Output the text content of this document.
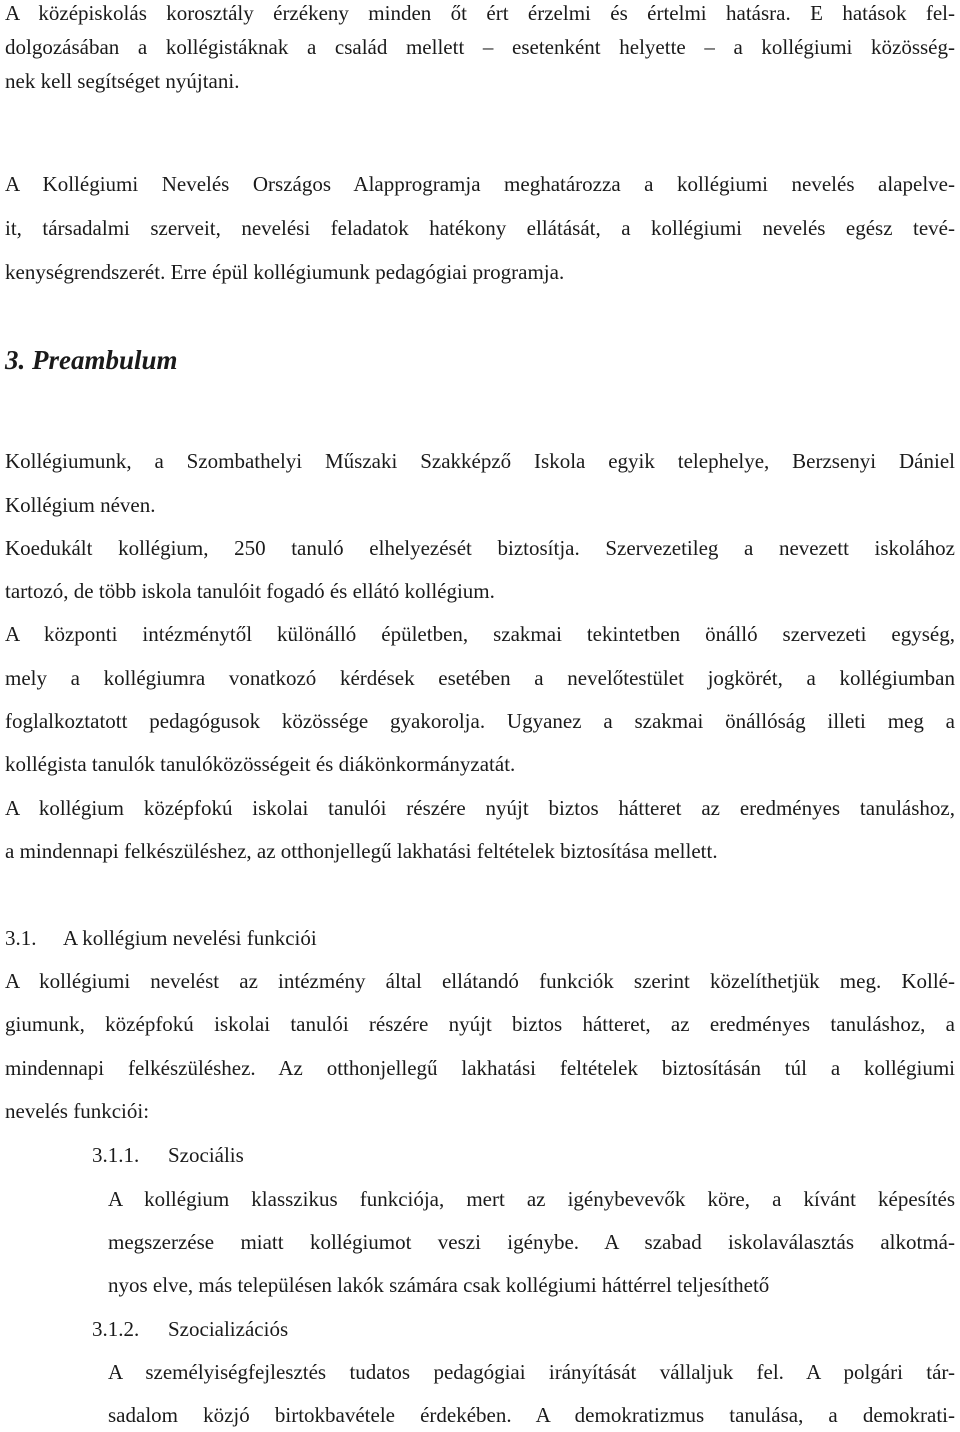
A középiskolás korosztály érzékeny minden őt ért érzelmi és értelmi hatásra. E hatások fel-
dolgozásában a kollégistáknak a család mellett – esetenként helyette – a kollégiumi közösség-
nek kell segítséget nyújtani.
A Kollégiumi Nevelés Országos Alapprogramja meghatározza a kollégiumi nevelés alapelve-
it, társadalmi szerveit, nevelési feladatok hatékony ellátását, a kollégiumi nevelés egész tevé-
kenységrendszerét. Erre épül kollégiumunk pedagógiai programja.
3. Preambulum
Kollégiumunk, a Szombathelyi Műszaki Szakképző Iskola egyik telephelye, Berzsenyi Dániel
Kollégium néven.
Koedukált kollégium, 250 tanuló elhelyezését biztosítja. Szervezetileg a nevezett iskolához
tartozó, de több iskola tanulóit fogadó és ellátó kollégium.
A központi intézménytől különálló épületben, szakmai tekintetben önálló szervezeti egység,
mely a kollégiumra vonatkozó kérdések esetében a nevelőtestület jogkörét, a kollégiumban
foglalkoztatott pedagógusok közössége gyakorolja. Ugyanez a szakmai önállóság illeti meg a
kollégista tanulók tanulóközösségeit és diákönkormányzatát.
A kollégium középfokú iskolai tanulói részére nyújt biztos hátteret az eredményes tanuláshoz,
a mindennapi felkészüléshez, az otthonjellegű lakhatási feltételek biztosítása mellett.
3.1. A kollégium nevelési funkciói
A kollégiumi nevelést az intézmény által ellátandó funkciók szerint közelíthetjük meg. Kollé-
giumunk, középfokú iskolai tanulói részére nyújt biztos hátteret, az eredményes tanuláshoz, a
mindennapi felkészüléshez. Az otthonjellegű lakhatási feltételek biztosításán túl a kollégiumi
nevelés funkciói:
3.1.1. Szociális
A kollégium klasszikus funkciója, mert az igénybevevők köre, a kívánt képesítés
megszerzése miatt kollégiumot veszi igénybe. A szabad iskolaválasztás alkotmá-
nyos elve, más településen lakók számára csak kollégiumi háttérrel teljesíthető
3.1.2. Szocializációs
A személyiségfejlesztés tudatos pedagógiai irányítását vállaljuk fel. A polgári tár-
sadalom közjó birtokbavétele érdekében. A demokratizmus tanulása, a demokrati-
